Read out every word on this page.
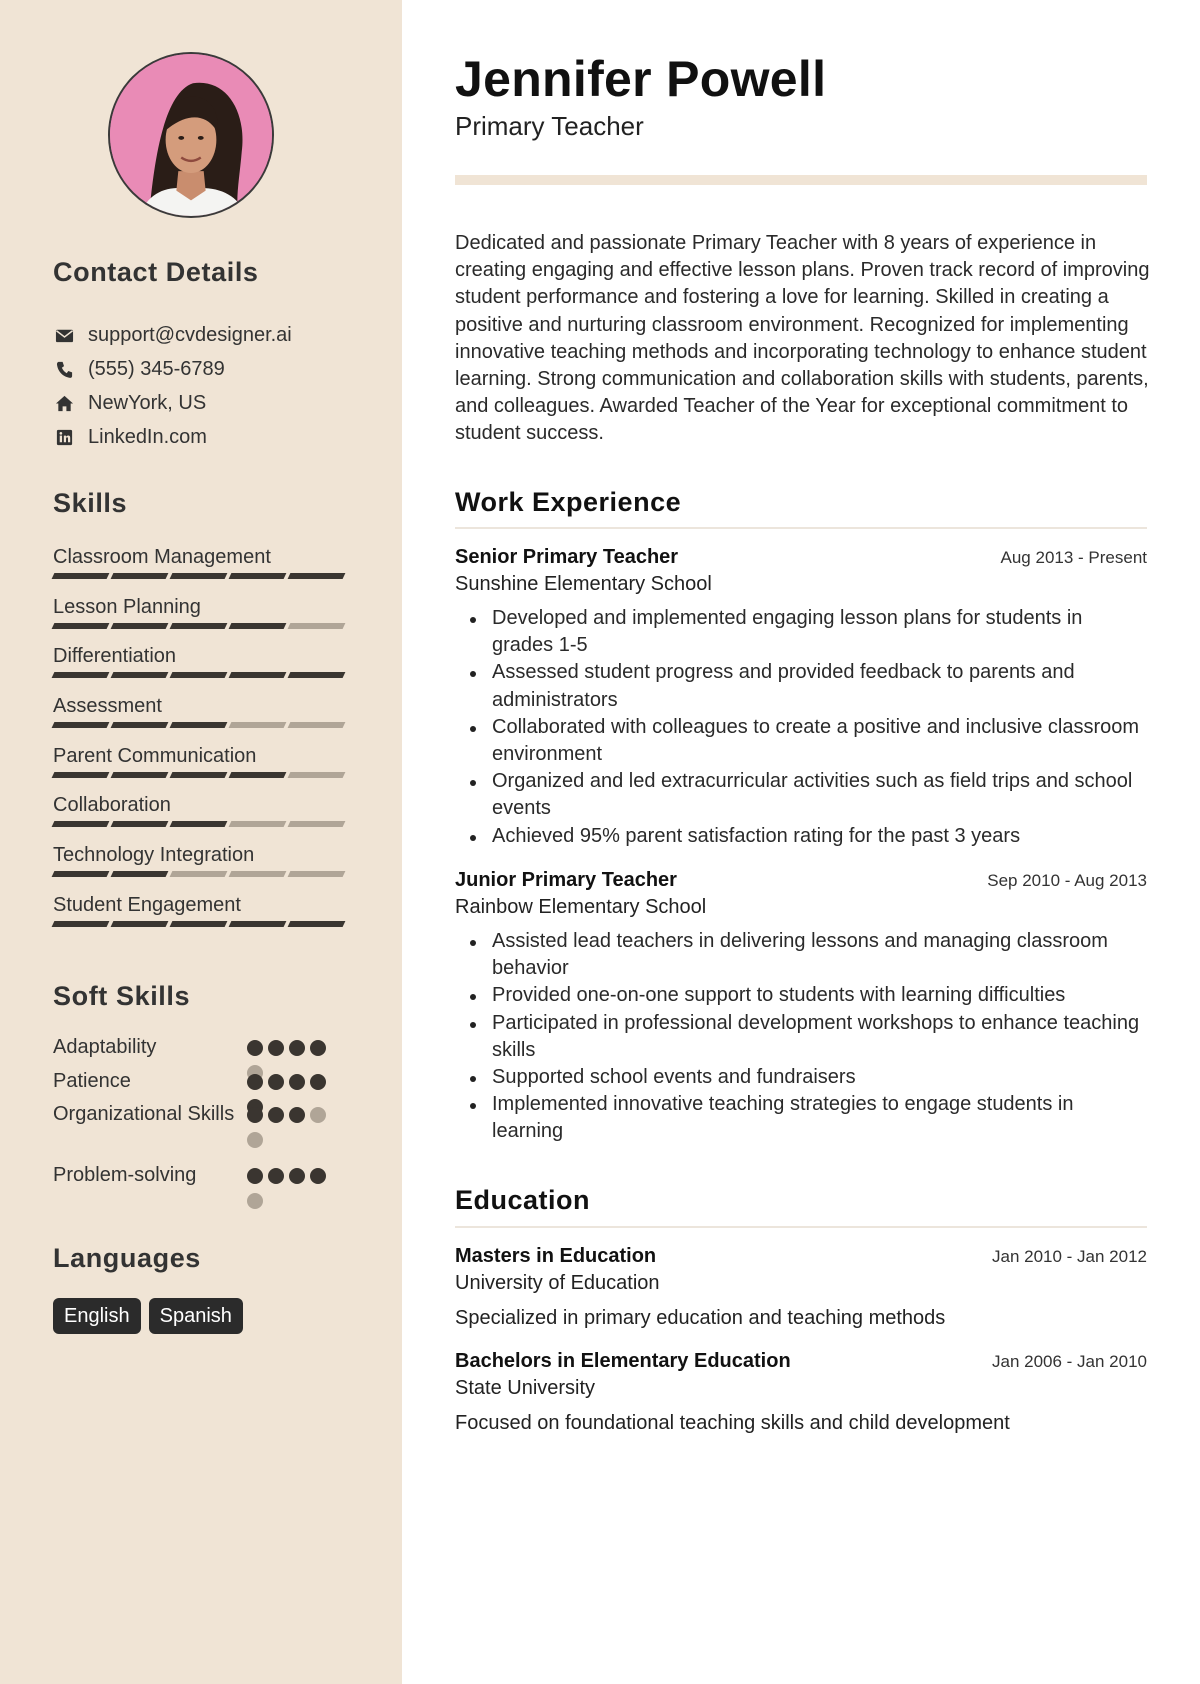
Contact Details
support@cvdesigner.ai
(555) 345-6789
NewYork, US
LinkedIn.com
Skills
Classroom Management
Lesson Planning
Differentiation
Assessment
Parent Communication
Collaboration
Technology Integration
Student Engagement
Soft Skills
Adaptability
Patience
Organizational Skills
Problem-solving
Languages
English	Spanish
Jennifer Powell
Primary Teacher
Dedicated and passionate Primary Teacher with 8 years of experience in creating engaging and effective lesson plans. Proven track record of improving student performance and fostering a love for learning. Skilled in creating a positive and nurturing classroom environment. Recognized for implementing innovative teaching methods and incorporating technology to enhance student learning. Strong communication and collaboration skills with students, parents, and colleagues. Awarded Teacher of the Year for exceptional commitment to student success.
Work Experience
Senior Primary Teacher	Aug 2013 - Present
Sunshine Elementary School
Developed and implemented engaging lesson plans for students in grades 1-5
Assessed student progress and provided feedback to parents and administrators
Collaborated with colleagues to create a positive and inclusive classroom environment
Organized and led extracurricular activities such as field trips and school events
Achieved 95% parent satisfaction rating for the past 3 years
Junior Primary Teacher	Sep 2010 - Aug 2013
Rainbow Elementary School
Assisted lead teachers in delivering lessons and managing classroom behavior
Provided one-on-one support to students with learning difficulties
Participated in professional development workshops to enhance teaching skills
Supported school events and fundraisers
Implemented innovative teaching strategies to engage students in learning
Education
Masters in Education	Jan 2010 - Jan 2012
University of Education
Specialized in primary education and teaching methods
Bachelors in Elementary Education	Jan 2006 - Jan 2010
State University
Focused on foundational teaching skills and child development
